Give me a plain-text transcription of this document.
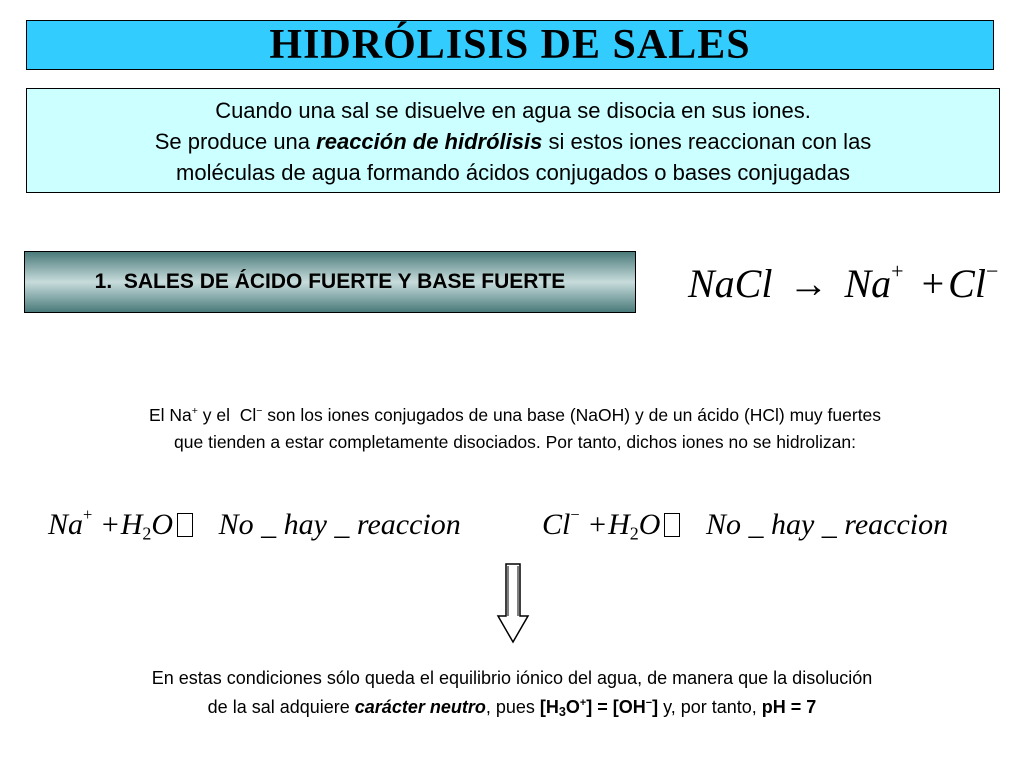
HIDRÓLISIS DE SALES
Cuando una sal se disuelve en agua se disocia en sus iones.
Se produce una reacción de hidrólisis si estos iones reaccionan con las
moléculas de agua formando ácidos conjugados o bases conjugadas
1.  SALES DE ÁCIDO FUERTE Y BASE FUERTE	NaCl → Na+ + Cl−
El Na+ y el  Cl− son los iones conjugados de una base (NaOH) y de un ácido (HCl) muy fuertes
que tienden a estar completamente disociados. Por tanto, dichos iones no se hidrolizan:
$Na^+ +H_2O$ No _ hay _ reaccion	$Cl^- +H_2O$ No _ hay _ reaccion
En estas condiciones sólo queda el equilibrio iónico del agua, de manera que la disolución
de la sal adquiere carácter neutro, pues $[H_3O^+] = [OH^-]$ y, por tanto, pH = 7
